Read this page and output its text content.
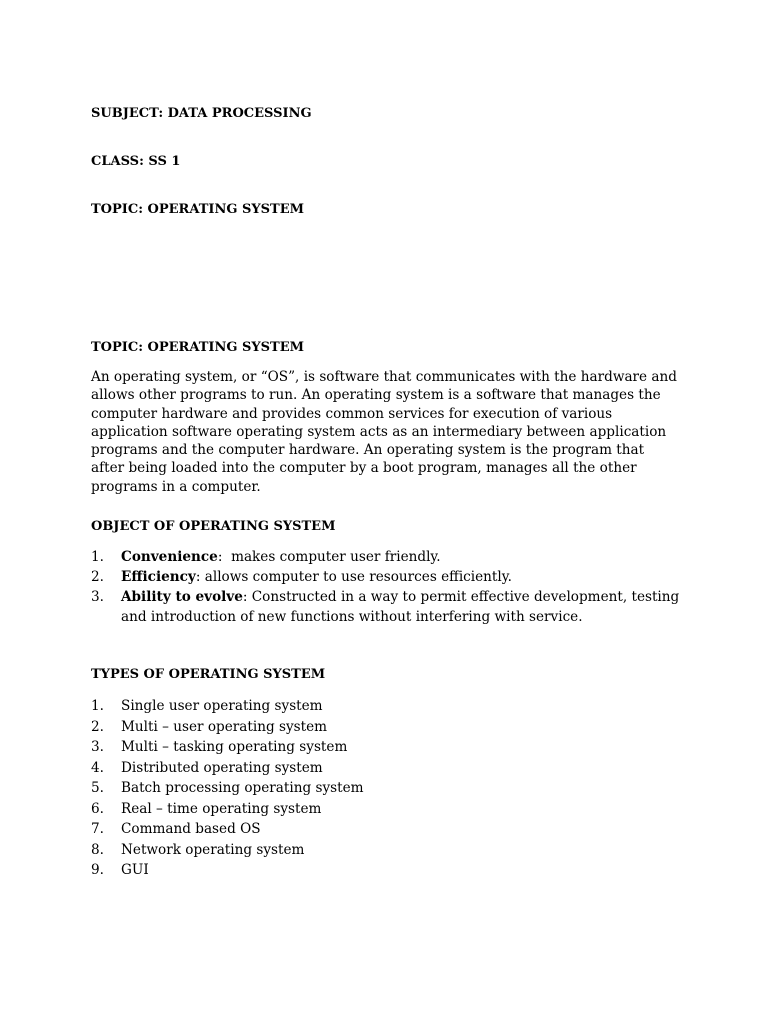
SUBJECT: DATA PROCESSING

CLASS: SS 1

TOPIC: OPERATING SYSTEM

TOPIC: OPERATING SYSTEM

An operating system, or “OS”, is software that communicates with the hardware and allows other programs to run. An operating system is a software that manages the computer hardware and provides common services for execution of various application software operating system acts as an intermediary between application programs and the computer hardware. An operating system is the program that after being loaded into the computer by a boot program, manages all the other programs in a computer.

OBJECT OF OPERATING SYSTEM

1. Convenience:  makes computer user friendly.
2. Efficiency: allows computer to use resources efficiently.
3. Ability to evolve: Constructed in a way to permit effective development, testing and introduction of new functions without interfering with service.

TYPES OF OPERATING SYSTEM

1. Single user operating system
2. Multi – user operating system
3. Multi – tasking operating system
4. Distributed operating system
5. Batch processing operating system
6. Real – time operating system
7. Command based OS
8. Network operating system
9. GUI
